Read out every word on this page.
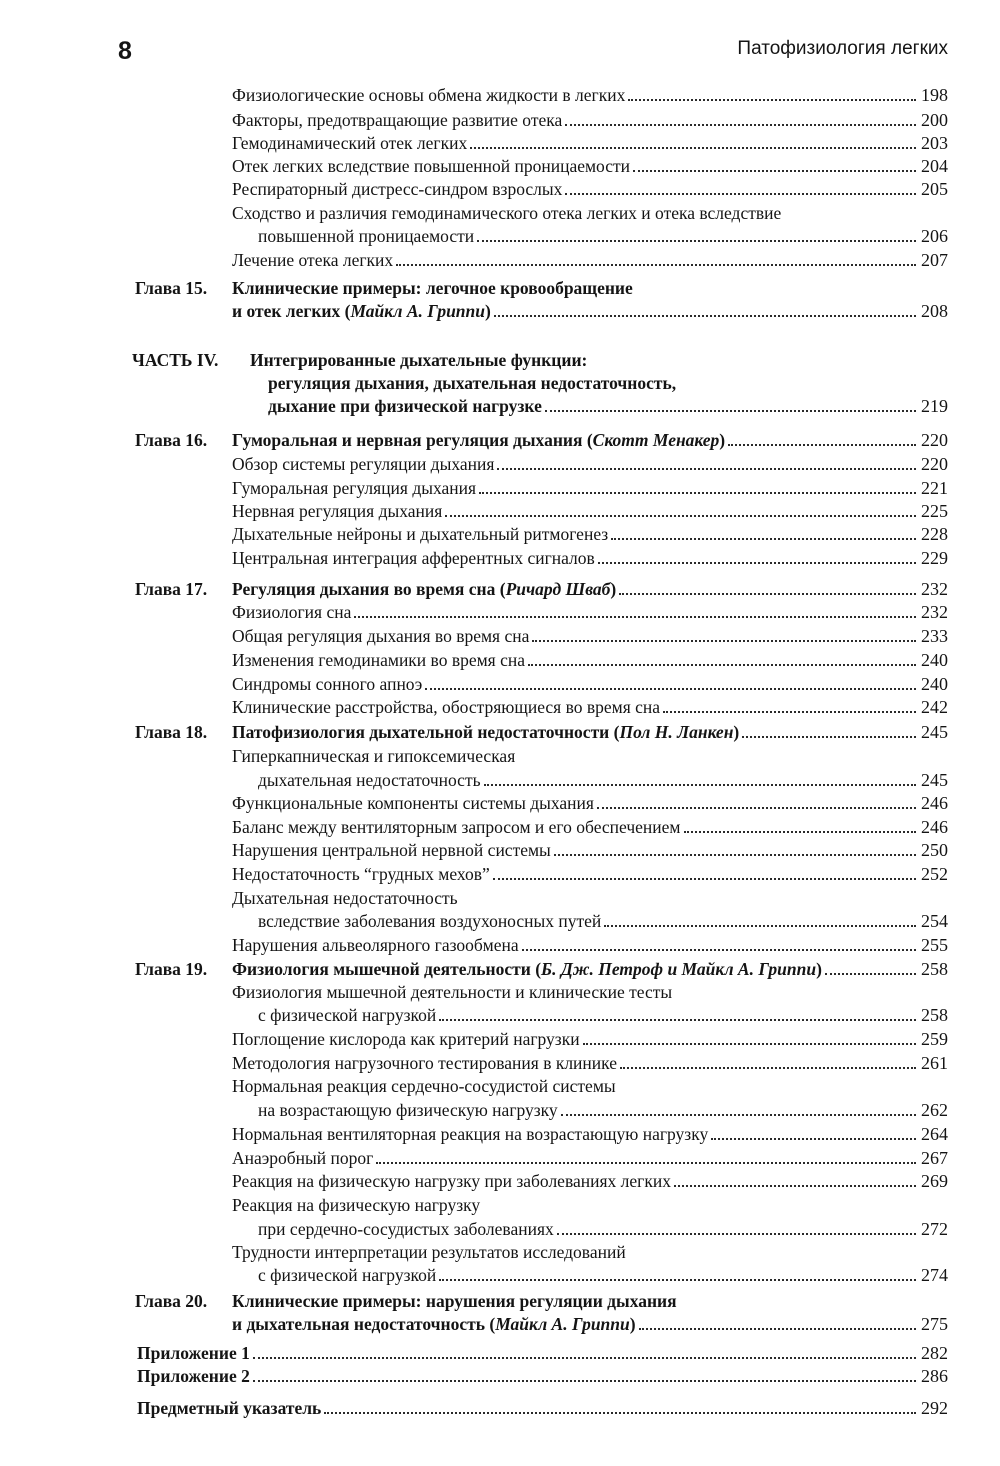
8	Патофизиология легких
Физиологические основы обмена жидкости в легких	198
Факторы, предотвращающие развитие отека	200
Гемодинамический отек легких	203
Отек легких вследствие повышенной проницаемости	204
Респираторный дистресс-синдром взрослых	205
Сходство и различия гемодинамического отека легких и отека вследствие
повышенной проницаемости	206
Лечение отека легких	207
Глава 15. Клинические примеры: легочное кровообращение
и отек легких (Майкл А. Гриппи)	208
ЧАСТЬ IV. Интегрированные дыхательные функции:
регуляция дыхания, дыхательная недостаточность,
дыхание при физической нагрузке	219
Глава 16. Гуморальная и нервная регуляция дыхания (Скотт Менакер)	220
Обзор системы регуляции дыхания	220
Гуморальная регуляция дыхания	221
Нервная регуляция дыхания	225
Дыхательные нейроны и дыхательный ритмогенез	228
Центральная интеграция афферентных сигналов	229
Глава 17. Регуляция дыхания во время сна (Ричард Шваб)	232
Физиология сна	232
Общая регуляция дыхания во время сна	233
Изменения гемодинамики во время сна	240
Синдромы сонного апноэ	240
Клинические расстройства, обостряющиеся во время сна	242
Глава 18. Патофизиология дыхательной недостаточности (Пол Н. Ланкен)	245
Гиперкапническая и гипоксемическая
дыхательная недостаточность	245
Функциональные компоненты системы дыхания	246
Баланс между вентиляторным запросом и его обеспечением	246
Нарушения центральной нервной системы	250
Недостаточность “грудных мехов”	252
Дыхательная недостаточность
вследствие заболевания воздухоносных путей	254
Нарушения альвеолярного газообмена	255
Глава 19. Физиология мышечной деятельности (Б. Дж. Петроф и Майкл А. Гриппи)	258
Физиология мышечной деятельности и клинические тесты
с физической нагрузкой	258
Поглощение кислорода как критерий нагрузки	259
Методология нагрузочного тестирования в клинике	261
Нормальная реакция сердечно-сосудистой системы
на возрастающую физическую нагрузку	262
Нормальная вентиляторная реакция на возрастающую нагрузку	264
Анаэробный порог	267
Реакция на физическую нагрузку при заболеваниях легких	269
Реакция на физическую нагрузку
при сердечно-сосудистых заболеваниях	272
Трудности интерпретации результатов исследований
с физической нагрузкой	274
Глава 20. Клинические примеры: нарушения регуляции дыхания
и дыхательная недостаточность (Майкл А. Гриппи)	275
Приложение 1	282
Приложение 2	286
Предметный указатель	292
